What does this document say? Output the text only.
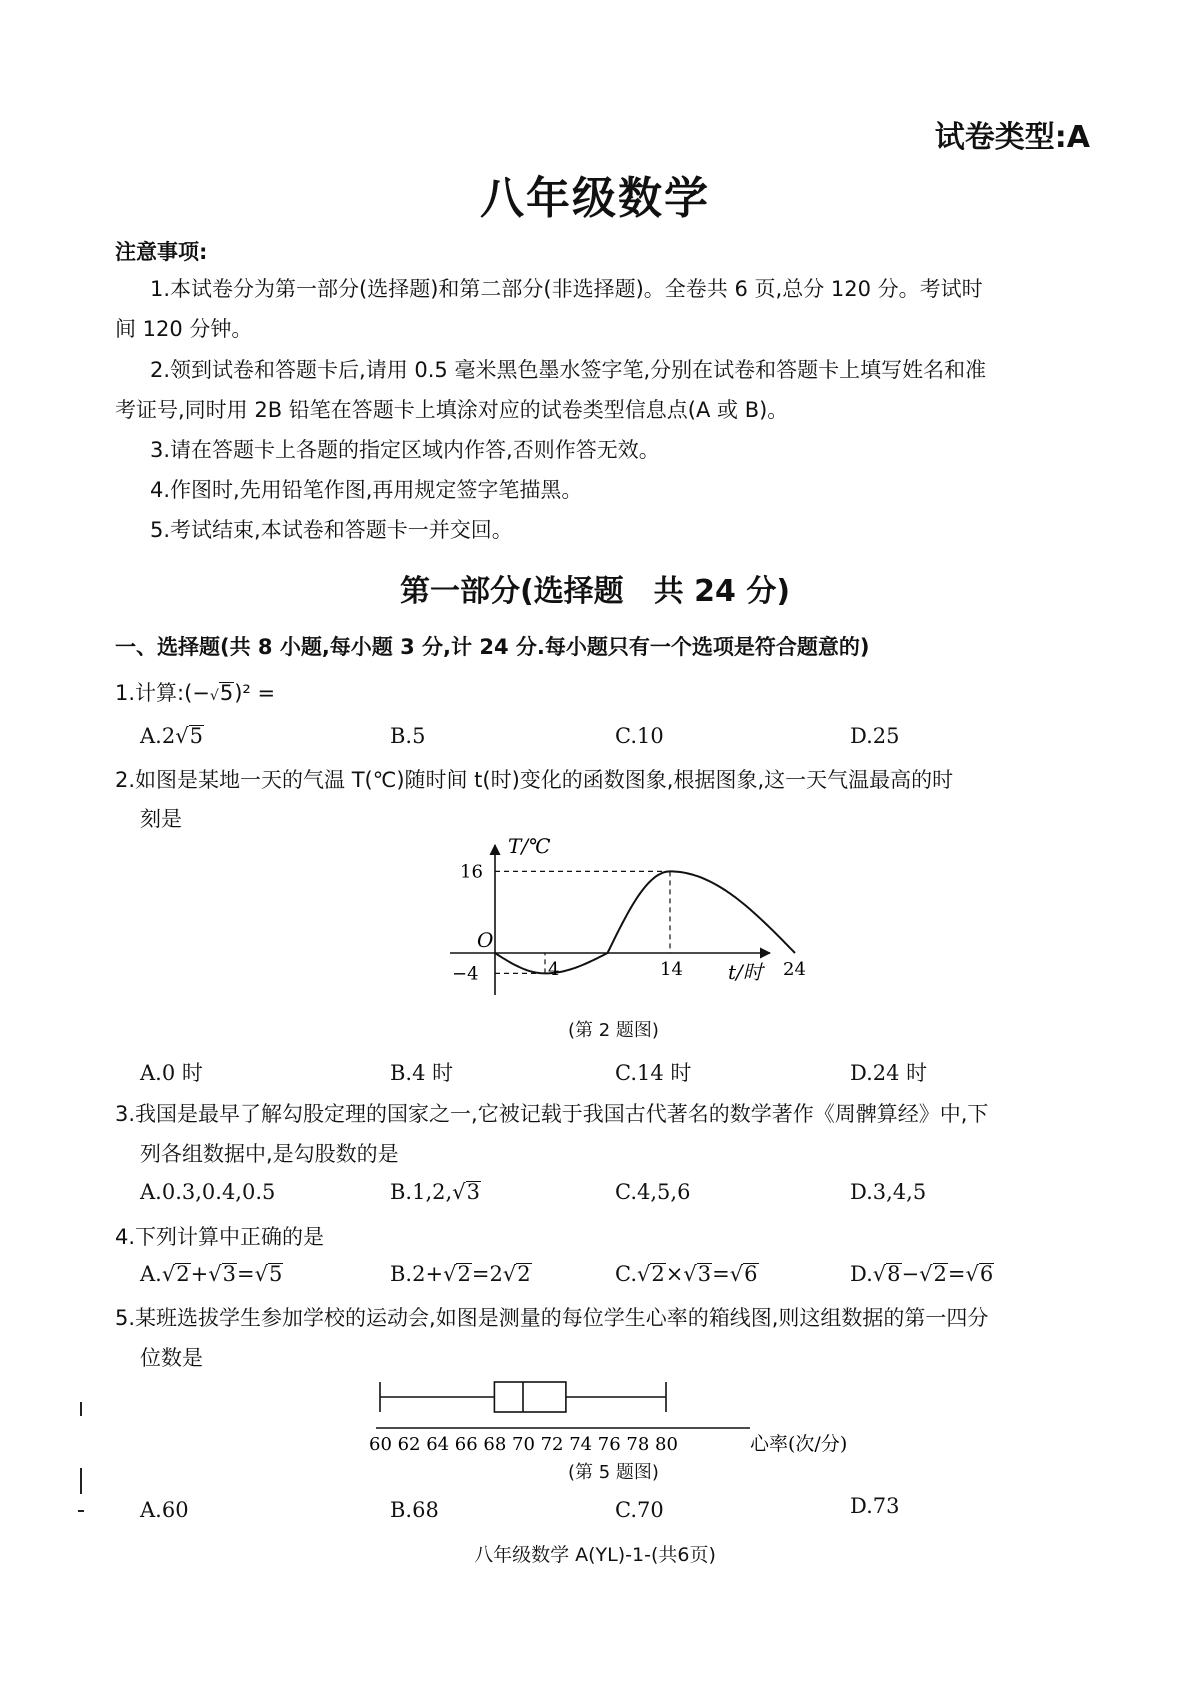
试卷类型:A
八年级数学
注意事项:
1.本试卷分为第一部分(选择题)和第二部分(非选择题)。全卷共 6 页,总分 120 分。考试时
间 120 分钟。
2.领到试卷和答题卡后,请用 0.5 毫米黑色墨水签字笔,分别在试卷和答题卡上填写姓名和准
考证号,同时用 2B 铅笔在答题卡上填涂对应的试卷类型信息点(A 或 B)。
3.请在答题卡上各题的指定区域内作答,否则作答无效。
4.作图时,先用铅笔作图,再用规定签字笔描黑。
5.考试结束,本试卷和答题卡一并交回。
第一部分(选择题　共 24 分)
一、选择题(共 8 小题,每小题 3 分,计 24 分.每小题只有一个选项是符合题意的)
1.计算:(−√5)² =
A.2√5	B.5	C.10	D.25
2.如图是某地一天的气温 T(℃)随时间 t(时)变化的函数图象,根据图象,这一天气温最高的时
刻是
T/℃
t/时
O
16
−4	4	14	24
(第 2 题图)
A.0 时	B.4 时	C.14 时	D.24 时
3.我国是最早了解勾股定理的国家之一,它被记载于我国古代著名的数学著作《周髀算经》中,下
列各组数据中,是勾股数的是
A.0.3,0.4,0.5	B.1,2,√3	C.4,5,6	D.3,4,5
4.下列计算中正确的是
A.√2+√3=√5	B.2+√2=2√2	C.√2×√3=√6	D.√8−√2=√6
5.某班选拔学生参加学校的运动会,如图是测量的每位学生心率的箱线图,则这组数据的第一四分
位数是
60 62 64 66 68 70 72 74 76 78 80	心率(次/分)
(第 5 题图)
A.60	B.68	C.70	D.73
八年级数学 A(YL)-1-(共6页)
